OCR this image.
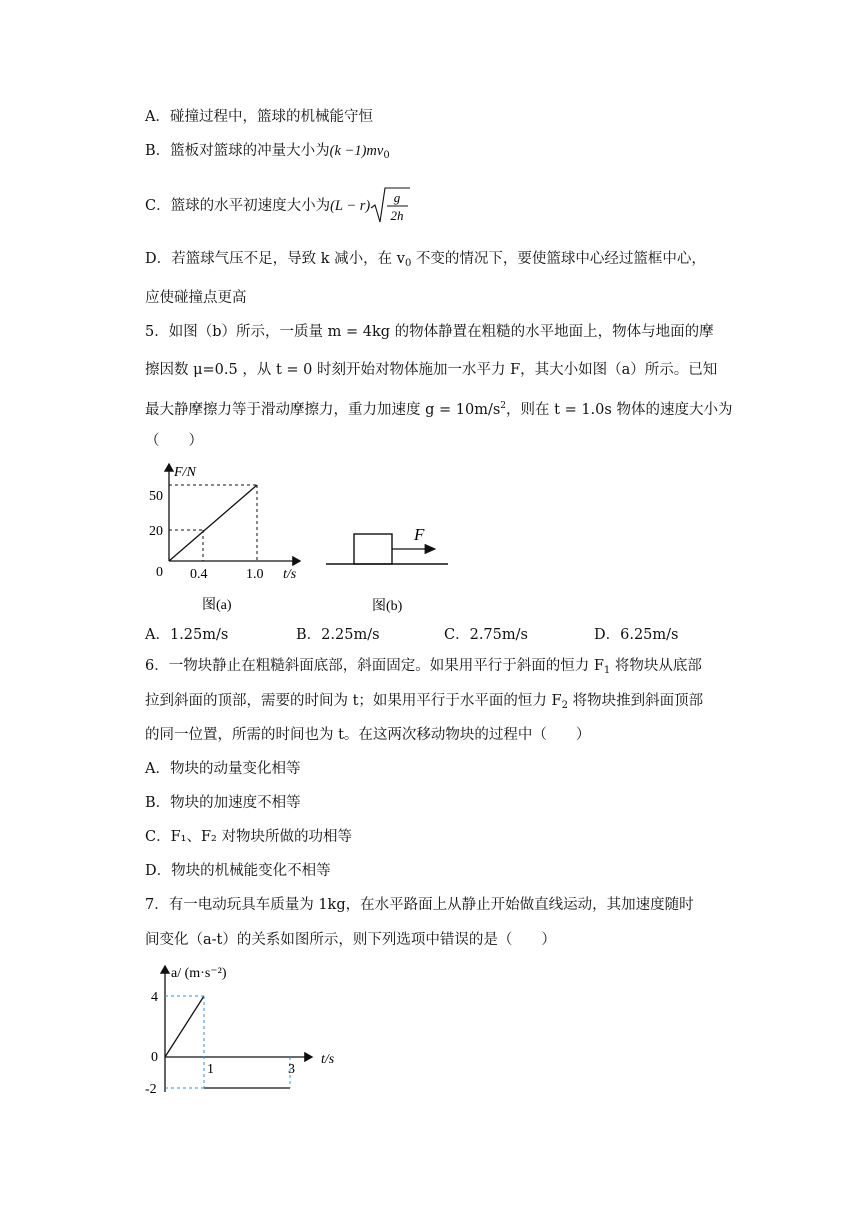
A．碰撞过程中，篮球的机械能守恒
B．篮板对篮球的冲量大小为$(k -1)mv_0$
C．篮球的水平初速度大小为(L − r)
g
2h
D．若篮球气压不足，导致 k 减小，在 $v_0$ 不变的情况下，要使篮球中心经过篮框中心，
应使碰撞点更高
5．如图（b）所示，一质量 m = 4kg 的物体静置在粗糙的水平地面上，物体与地面的摩
擦因数 μ=0.5 ，从 t = 0 时刻开始对物体施加一水平力 F，其大小如图（a）所示。已知
最大静摩擦力等于滑动摩擦力，重力加速度 $g = 10m/s^2$，则在 t = 1.0s 物体的速度大小为
（　　）
F/N
t/s
0
20
50
0.4	1.0
图(a)
F
图(b)
A．1.25m/s	B．2.25m/s	C．2.75m/s	D．6.25m/s
6．一物块静止在粗糙斜面底部，斜面固定。如果用平行于斜面的恒力 $F_1$ 将物块从底部
拉到斜面的顶部，需要的时间为 t；如果用平行于水平面的恒力 $F_2$ 将物块推到斜面顶部
的同一位置，所需的时间也为 t。在这两次移动物块的过程中（　　）
A．物块的动量变化相等
B．物块的加速度不相等
C．F₁、F₂ 对物块所做的功相等
D．物块的机械能变化不相等
7．有一电动玩具车质量为 1kg，在水平路面上从静止开始做直线运动，其加速度随时
间变化（a-t）的关系如图所示，则下列选项中错误的是（　　）
a/ (m·s⁻²)
t/s
0
4
-2
1	3
